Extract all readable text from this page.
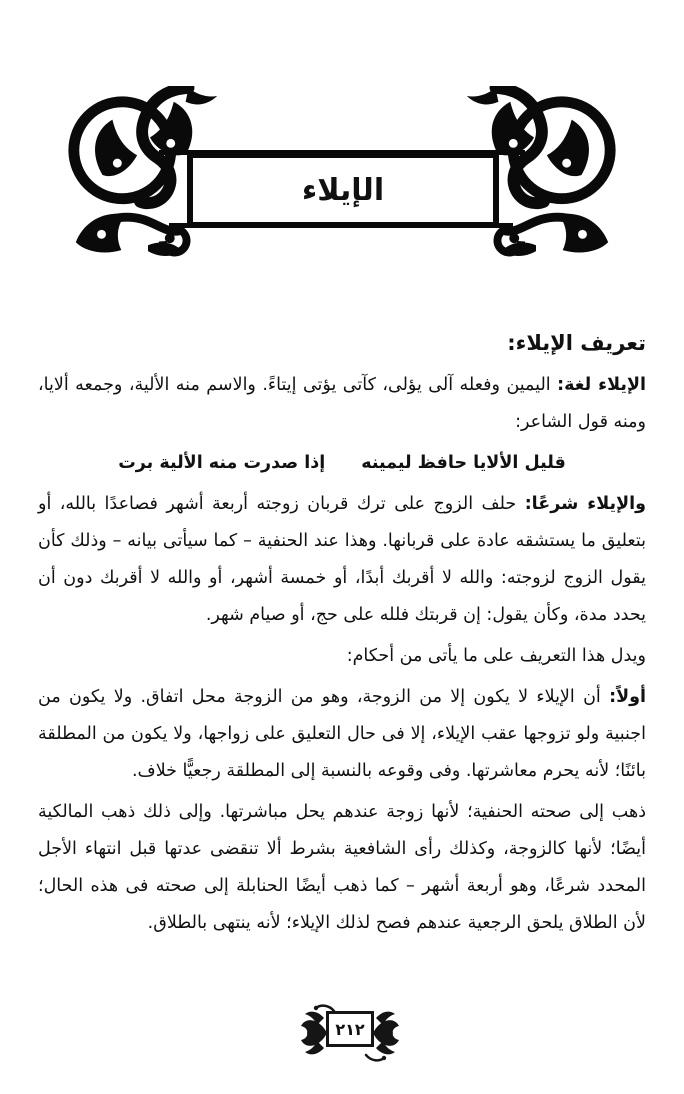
الإيلاء
تعريف الإيلاء:

الإيلاء لغة: اليمين وفعله آلى يؤلى، كآتى يؤتى إيتاءً. والاسم منه الألية، وجمعه ألايا، ومنه قول الشاعر:

قليل الألايا حافظ ليمينه
إذا صدرت منه الألية برت

والإيلاء شرعًا: حلف الزوج على ترك قربان زوجته أربعة أشهر فصاعدًا بالله، أو بتعليق ما يستشقه عادة على قربانها. وهذا عند الحنفية – كما سيأتى بيانه – وذلك كأن يقول الزوج لزوجته: والله لا أقربك أبدًا، أو خمسة أشهر، أو والله لا أقربك دون أن يحدد مدة، وكأن يقول: إن قربتك فلله على حج، أو صيام شهر.

ويدل هذا التعريف على ما يأتى من أحكام:

أولاً: أن الإيلاء لا يكون إلا من الزوجة، وهو من الزوجة محل اتفاق. ولا يكون من اجنبية ولو تزوجها عقب الإيلاء، إلا فى حال التعليق على زواجها، ولا يكون من المطلقة بائنًا؛ لأنه يحرم معاشرتها. وفى وقوعه بالنسبة إلى المطلقة رجعيًّا خلاف.

ذهب إلى صحته الحنفية؛ لأنها زوجة عندهم يحل مباشرتها. وإلى ذلك ذهب المالكية أيضًا؛ لأنها كالزوجة، وكذلك رأى الشافعية بشرط ألا تنقضى عدتها قبل انتهاء الأجل المحدد شرعًا، وهو أربعة أشهر – كما ذهب أيضًا الحنابلة إلى صحته فى هذه الحال؛ لأن الطلاق يلحق الرجعية عندهم فصح لذلك الإيلاء؛ لأنه ينتهى بالطلاق.

٢١٢
